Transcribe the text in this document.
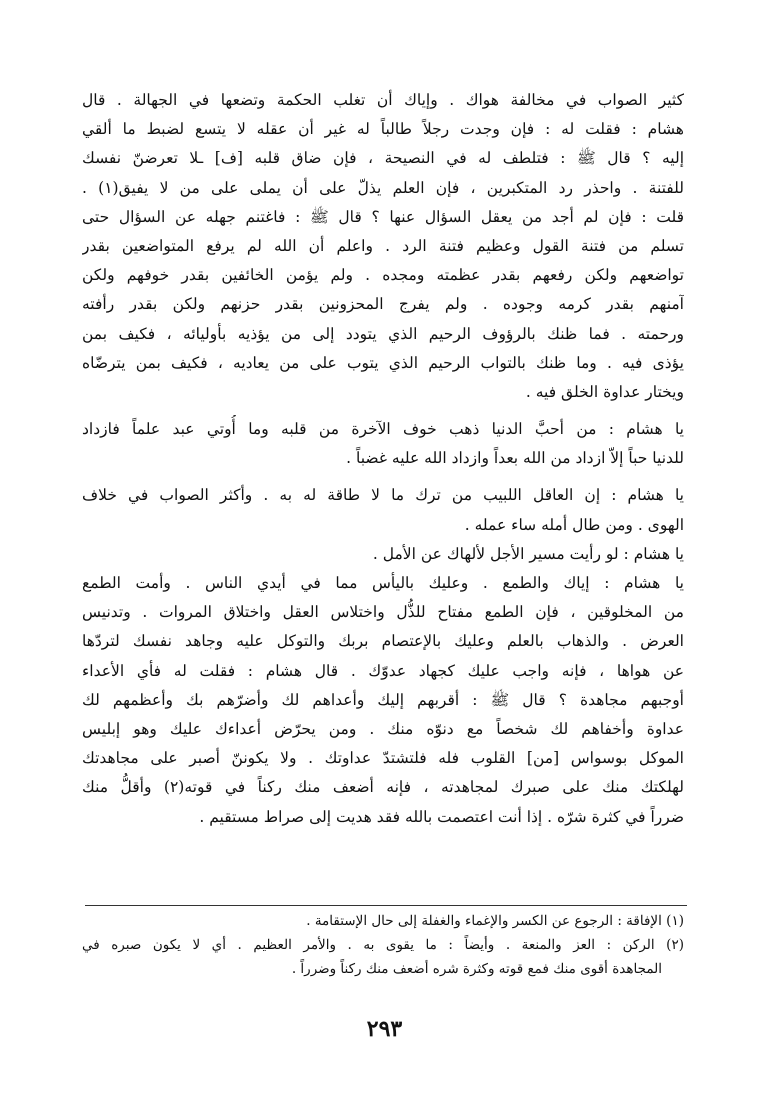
كثير الصواب في مخالفة هواك . وإياك أن تغلب الحكمة وتضعها في الجهالة . قال
هشام : فقلت له : فإن وجدت رجلاً طالباً له غير أن عقله لا يتسع لضبط ما ألقي
إليه ؟ قال ﷺ : فتلطف له في النصيحة ، فإن ضاق قلبه [ف] ـلا تعرضنّ نفسك
للفتنة . واحذر رد المتكبرين ، فإن العلم يذلّ على أن يملى على من لا يفيق(١) .
قلت : فإن لم أجد من يعقل السؤال عنها ؟ قال ﷺ : فاغتنم جهله عن السؤال حتى
تسلم من فتنة القول وعظيم فتنة الرد . واعلم أن الله لم يرفع المتواضعين بقدر
تواضعهم ولكن رفعهم بقدر عظمته ومجده . ولم يؤمن الخائفين بقدر خوفهم ولكن
آمنهم بقدر كرمه وجوده . ولم يفرج المحزونين بقدر حزنهم ولكن بقدر رأفته
ورحمته . فما ظنك بالرؤوف الرحيم الذي يتودد إلى من يؤذيه بأوليائه ، فكيف بمن
يؤذى فيه . وما ظنك بالتواب الرحيم الذي يتوب على من يعاديه ، فكيف بمن يترضّاه
ويختار عداوة الخلق فيه .
يا هشام : من أحبَّ الدنيا ذهب خوف الآخرة من قلبه وما أُوتي عبد علماً فازداد
للدنيا حباً إلاّ ازداد من الله بعداً وازداد الله عليه غضباً .
يا هشام : إن العاقل اللبيب من ترك ما لا طاقة له به . وأكثر الصواب في خلاف
الهوى . ومن طال أمله ساء عمله .
يا هشام : لو رأيت مسير الأجل لألهاك عن الأمل .
يا هشام : إياك والطمع . وعليك باليأس مما في أيدي الناس . وأمت الطمع
من المخلوقين ، فإن الطمع مفتاح للذُّل واختلاس العقل واختلاق المروات . وتدنيس
العرض . والذهاب بالعلم وعليك بالإعتصام بربك والتوكل عليه وجاهد نفسك لتردّها
عن هواها ، فإنه واجب عليك كجهاد عدوّك . قال هشام : فقلت له فأي الأعداء
أوجبهم مجاهدة ؟ قال ﷺ : أقربهم إليك وأعداهم لك وأضرّهم بك وأعظمهم لك
عداوة وأخفاهم لك شخصاً مع دنوّه منك . ومن يحرّض أعداءك عليك وهو إبليس
الموكل بوسواس [من] القلوب فله فلتشتدّ عداوتك . ولا يكوننّ أصبر على مجاهدتك
لهلكتك منك على صبرك لمجاهدته ، فإنه أضعف منك ركناً في قوته(٢) وأقلُّ منك
ضرراً في كثرة شرّه . إذا أنت اعتصمت بالله فقد هديت إلى صراط مستقيم .
(١) الإفاقة : الرجوع عن الكسر والإغماء والغفلة إلى حال الإستقامة .
(٢) الركن : العز والمنعة . وأيضاً : ما يقوى به . والأمر العظيم . أي لا يكون صبره في
المجاهدة أقوى منك فمع قوته وكثرة شره أضعف منك ركناً وضرراً .
٢٩٣
